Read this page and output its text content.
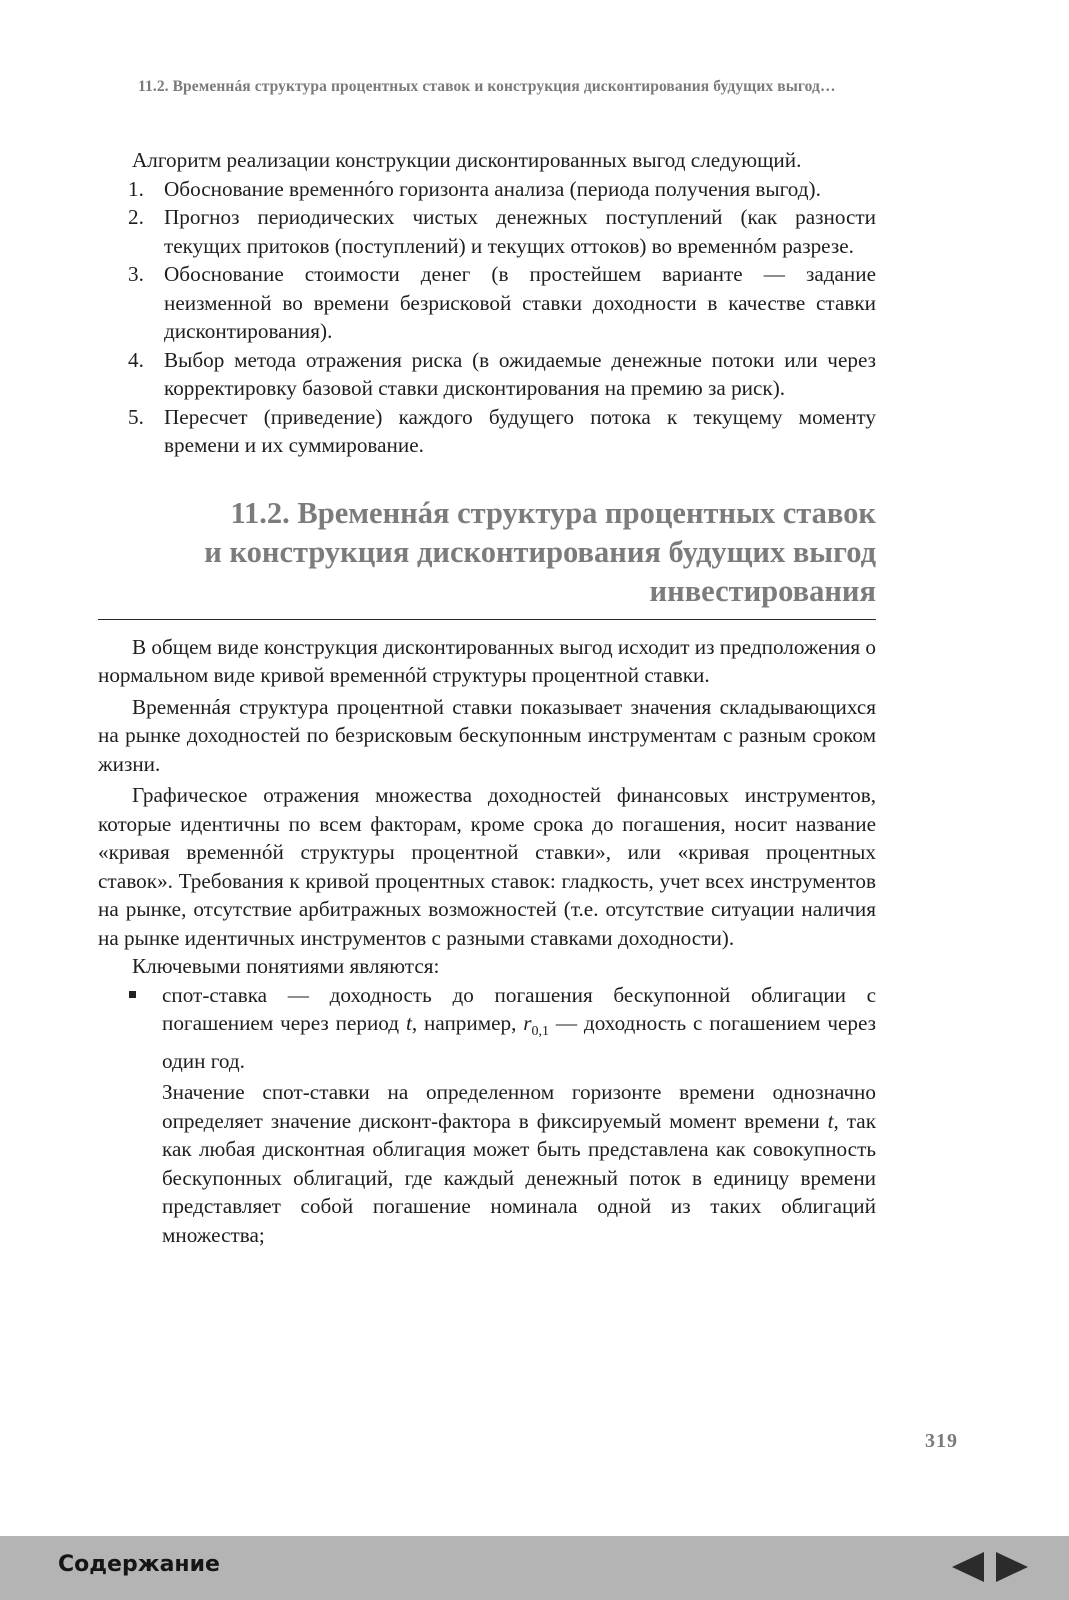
11.2. Временнáя структура процентных ставок и конструкция дисконтирования будущих выгод…

Алгоритм реализации конструкции дисконтированных выгод следующий.

1. Обоснование временнóго горизонта анализа (периода получения выгод).
2. Прогноз периодических чистых денежных поступлений (как разности текущих притоков (поступлений) и текущих оттоков) во временнóм разрезе.
3. Обоснование стоимости денег (в простейшем варианте — задание неизменной во времени безрисковой ставки доходности в качестве ставки дисконтирования).
4. Выбор метода отражения риска (в ожидаемые денежные потоки или через корректировку базовой ставки дисконтирования на премию за риск).
5. Пересчет (приведение) каждого будущего потока к текущему моменту времени и их суммирование.
11.2. Временнáя структура процентных ставок
и конструкция дисконтирования будущих выгод
инвестирования

В общем виде конструкция дисконтированных выгод исходит из предположения о нормальном виде кривой временнóй структуры процентной ставки.

Временнáя структура процентной ставки показывает значения складывающихся на рынке доходностей по безрисковым бескупонным инструментам с разным сроком жизни.

Графическое отражения множества доходностей финансовых инструментов, которые идентичны по всем факторам, кроме срока до погашения, носит название «кривая временнóй структуры процентной ставки», или «кривая процентных ставок». Требования к кривой процентных ставок: гладкость, учет всех инструментов на рынке, отсутствие арбитражных возможностей (т.е. отсутствие ситуации наличия на рынке идентичных инструментов с разными ставками доходности).

Ключевыми понятиями являются:

спот-ставка — доходность до погашения бескупонной облигации с погашением через период t, например, $r_{0,1}$ — доходность с погашением через один год.

Значение спот-ставки на определенном горизонте времени однозначно определяет значение дисконт-фактора в фиксируемый момент времени t, так как любая дисконтная облигация может быть представлена как совокупность бескупонных облигаций, где каждый денежный поток в единицу времени представляет собой погашение номинала одной из таких облигаций множества;

319
Содержание
